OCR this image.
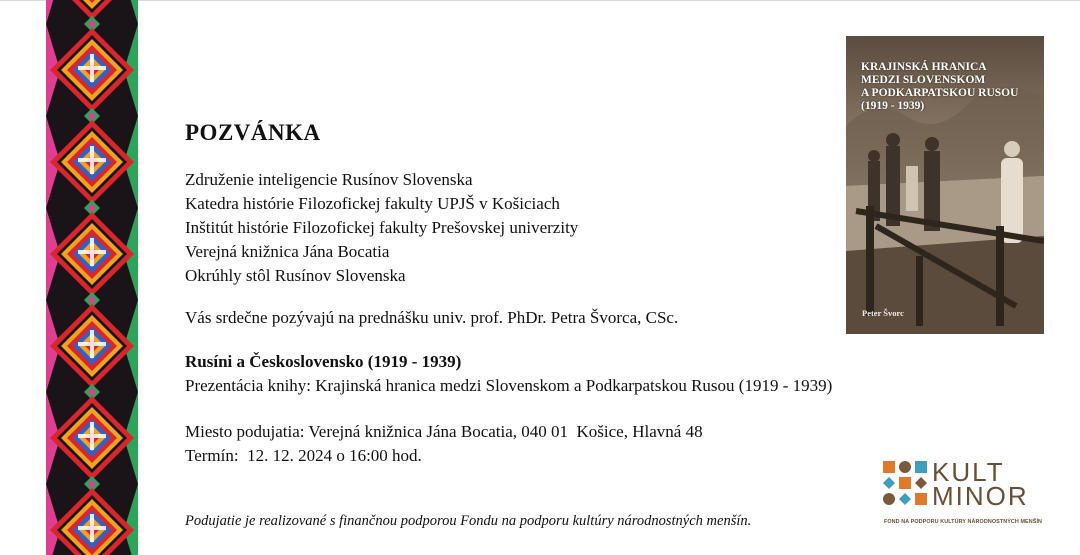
POZVÁNKA
Združenie inteligencie Rusínov Slovenska
Katedra histórie Filozofickej fakulty UPJŠ v Košiciach
Inštitút histórie Filozofickej fakulty Prešovskej univerzity
Verejná knižnica Jána Bocatia
Okrúhly stôl Rusínov Slovenska
Vás srdečne pozývajú na prednášku univ. prof. PhDr. Petra Švorca, CSc.
Rusíni a Československo (1919 - 1939)
Prezentácia knihy: Krajinská hranica medzi Slovenskom a Podkarpatskou Rusou (1919 - 1939)
Miesto podujatia: Verejná knižnica Jána Bocatia, 040 01  Košice, Hlavná 48
Termín:  12. 12. 2024 o 16:00 hod.
Podujatie je realizované s finančnou podporou Fondu na podporu kultúry národnostných menšín.
KRAJINSKÁ HRANICA
MEDZI SLOVENSKOM
A PODKARPATSKOU RUSOU
(1919 - 1939)
Peter Švorc
KULT
MINOR
FOND NA PODPORU KULTÚRY NÁRODNOSTNÝCH MENŠÍN
